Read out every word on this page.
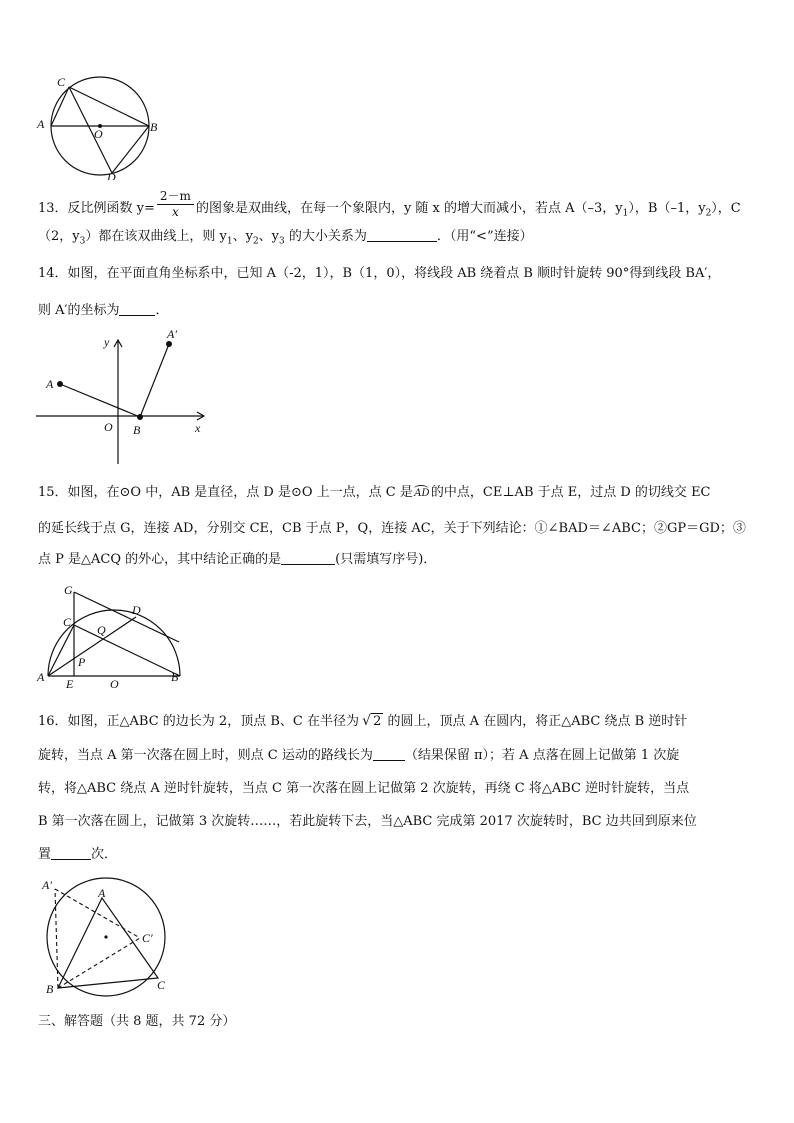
C
A
O	B
D
13．反比例函数 $y= \frac{2-m}{x}$ 的图象是双曲线，在每一个象限内，y 随 x 的增大而减小，若点 A（–3，$y_1$），B（–1，$y_2$），C
（2，$y_3$）都在该双曲线上，则 $y_1$、$y_2$、$y_3$ 的大小关系为	．（用“<”连接）
14．如图，在平面直角坐标系中，已知 A（-2，1），B（1，0），将线段 AB 绕着点 B 顺时针旋转 90°得到线段 BA′，
则 A′的坐标为	．
y
A′
A
O B	x
15．如图，在⊙O 中，AB 是直径，点 D 是⊙O 上一点，点 C 是AD的中点，CE⊥AB 于点 E，过点 D 的切线交 EC
的延长线于点 G，连接 AD，分别交 CE，CB 于点 P，Q，连接 AC，关于下列结论：①∠BAD＝∠ABC；②GP＝GD；③
点 P 是△ACQ 的外心，其中结论正确的是	(只需填写序号)．
G
D
C
Q
P
A E	O	B
16．如图，正△ABC 的边长为 2，顶点 B、C 在半径为 √ 2 的圆上，顶点 A 在圆内，将正△ABC 绕点 B 逆时针
旋转，当点 A 第一次落在圆上时，则点 C 运动的路线长为 （结果保留 π）；若 A 点落在圆上记做第 1 次旋
转，将△ABC 绕点 A 逆时针旋转，当点 C 第一次落在圆上记做第 2 次旋转，再绕 C 将△ABC 逆时针旋转，当点
B 第一次落在圆上，记做第 3 次旋转……，若此旋转下去，当△ABC 完成第 2017 次旋转时，BC 边共回到原来位
置	次．
A′
A
C′
B	C
三、解答题（共 8 题，共 72 分）
